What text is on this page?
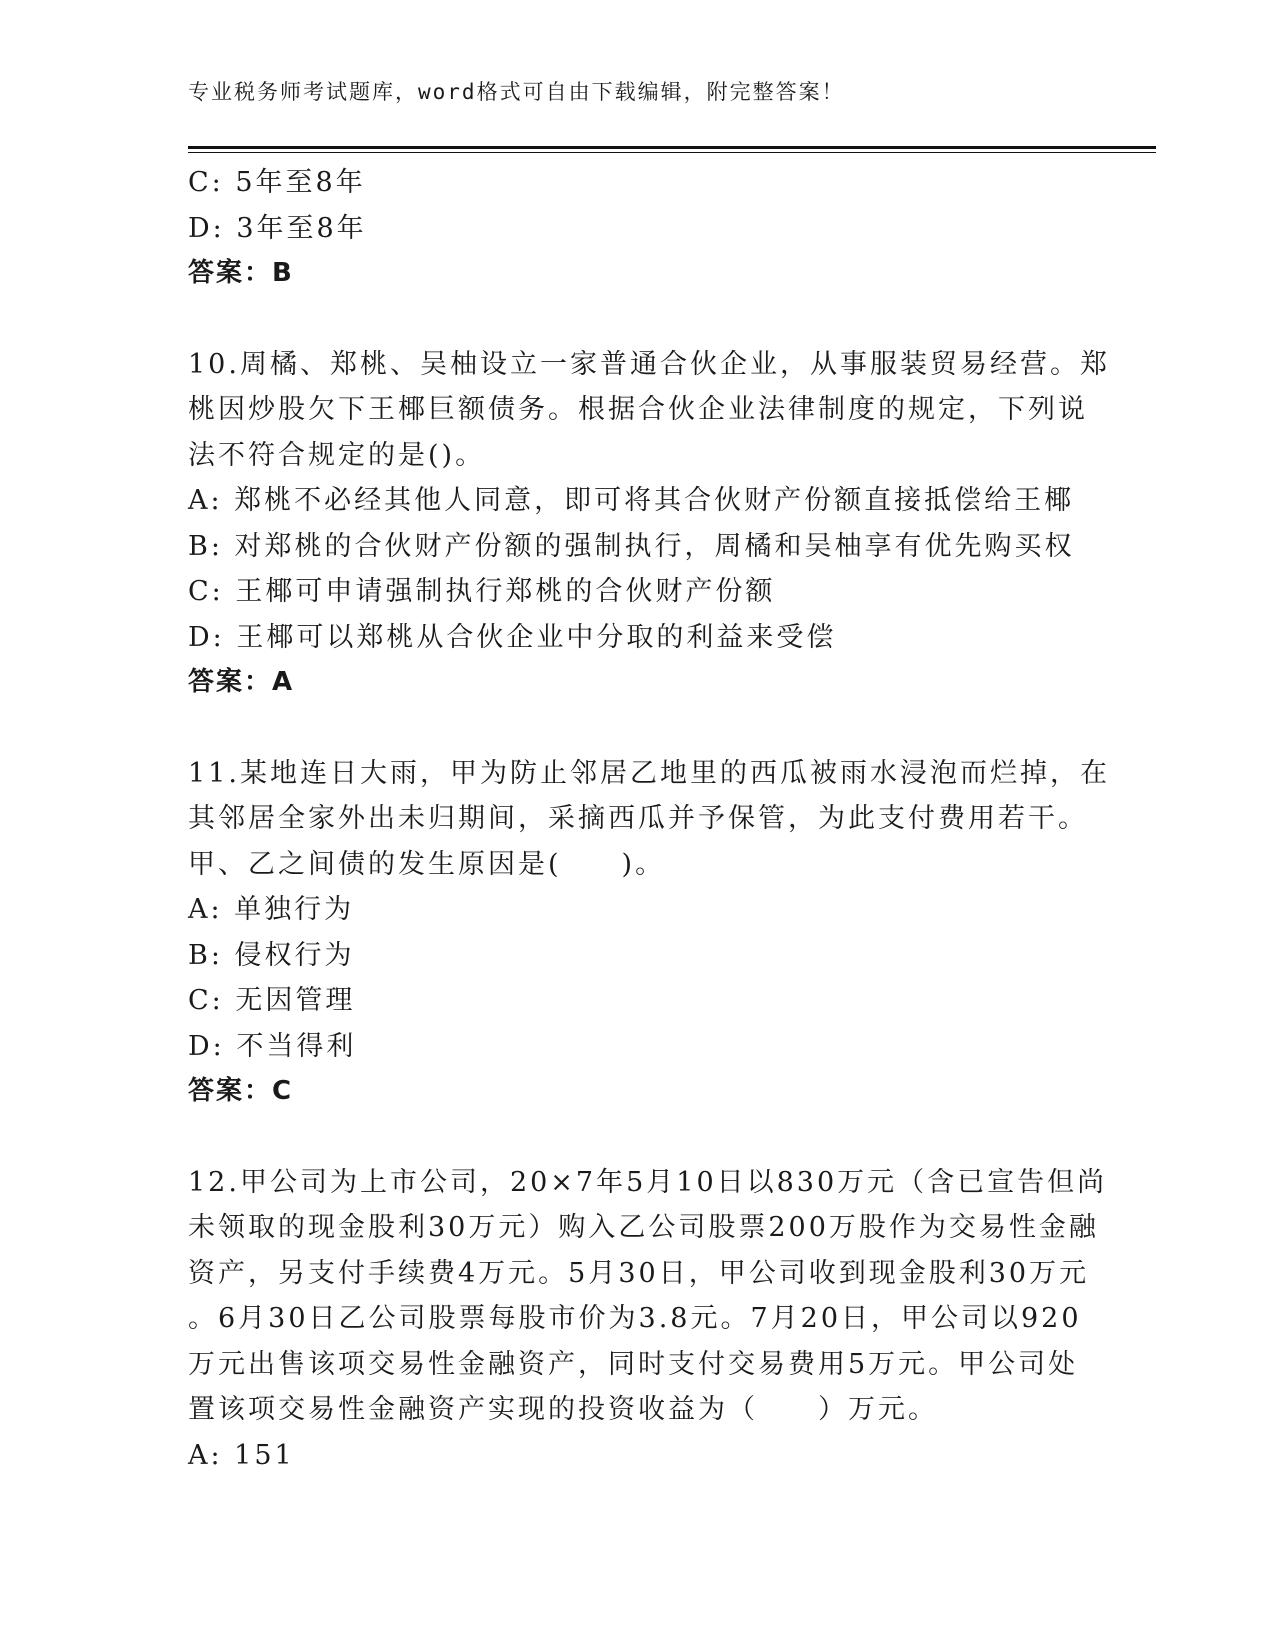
专业税务师考试题库，word格式可自由下载编辑，附完整答案！
C: 5年至8年
D: 3年至8年
答案：B
10.周橘、郑桃、吴柚设立一家普通合伙企业，从事服装贸易经营。郑
桃因炒股欠下王椰巨额债务。根据合伙企业法律制度的规定，下列说
法不符合规定的是()。
A: 郑桃不必经其他人同意，即可将其合伙财产份额直接抵偿给王椰
B: 对郑桃的合伙财产份额的强制执行，周橘和吴柚享有优先购买权
C: 王椰可申请强制执行郑桃的合伙财产份额
D: 王椰可以郑桃从合伙企业中分取的利益来受偿
答案：A
11.某地连日大雨，甲为防止邻居乙地里的西瓜被雨水浸泡而烂掉，在
其邻居全家外出未归期间，采摘西瓜并予保管，为此支付费用若干。
甲、乙之间债的发生原因是(　　)。
A: 单独行为
B: 侵权行为
C: 无因管理
D: 不当得利
答案：C
12.甲公司为上市公司，20×7年5月10日以830万元（含已宣告但尚
未领取的现金股利30万元）购入乙公司股票200万股作为交易性金融
资产，另支付手续费4万元。5月30日，甲公司收到现金股利30万元
。6月30日乙公司股票每股市价为3.8元。7月20日，甲公司以920
万元出售该项交易性金融资产，同时支付交易费用5万元。甲公司处
置该项交易性金融资产实现的投资收益为（　　）万元。
A: 151
